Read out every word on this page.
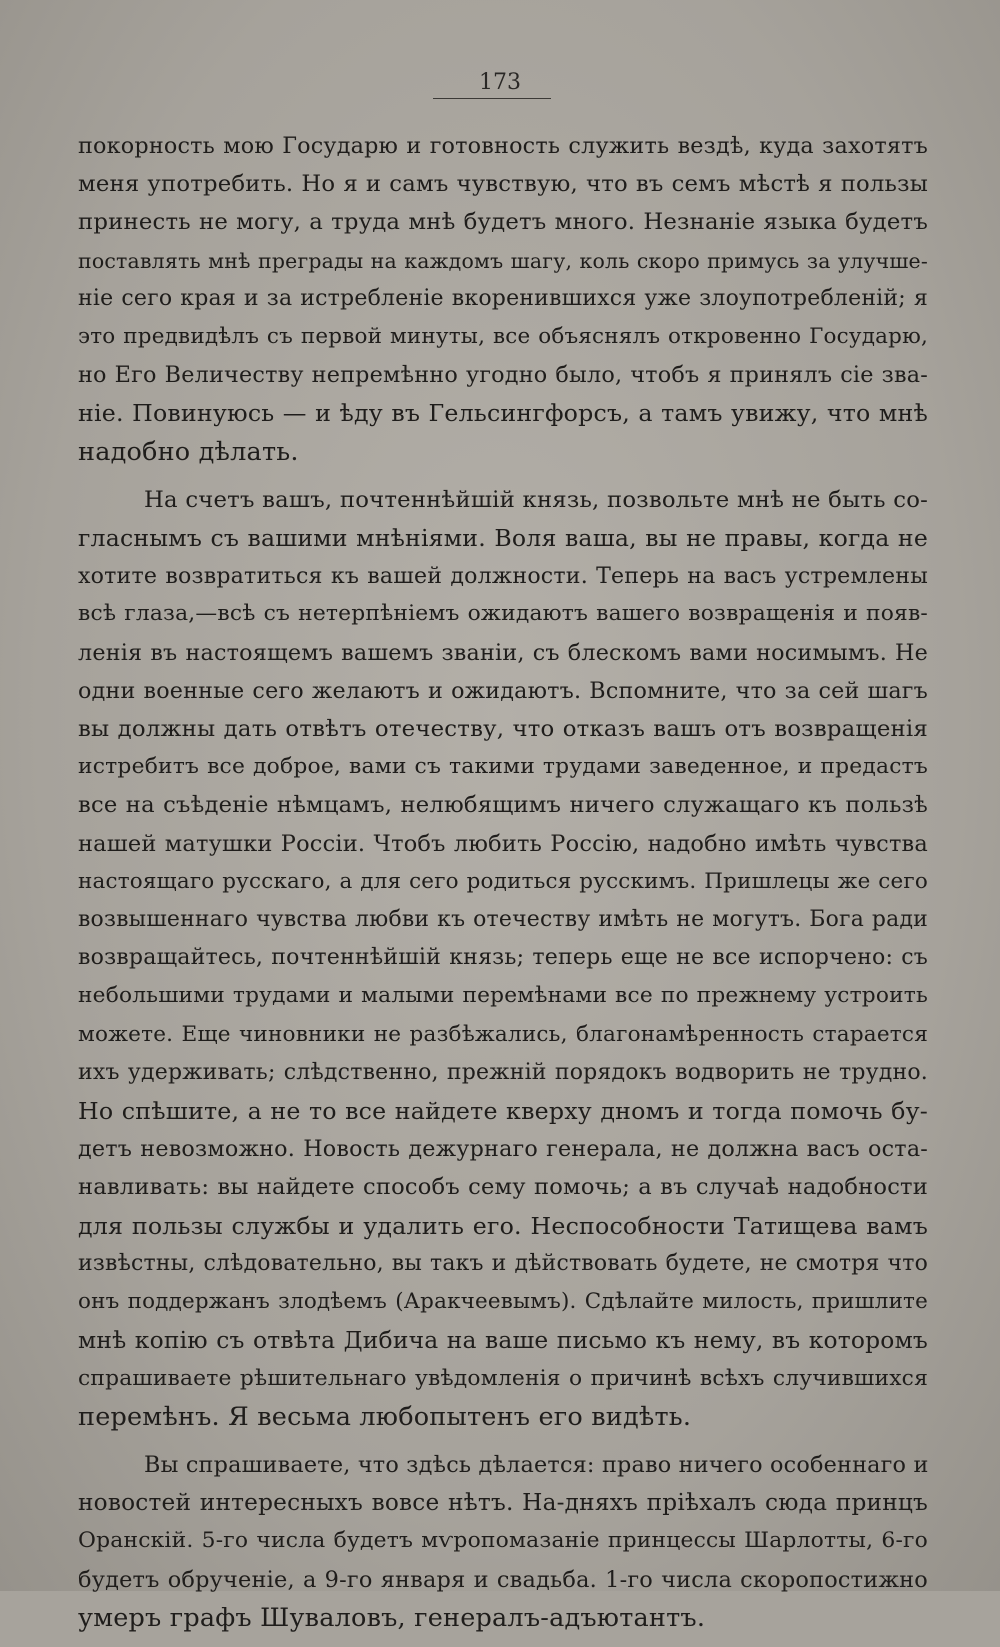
173
покорность мою Государю и готовность служить вездѣ, куда захотятъ
меня употребить. Но я и самъ чувствую, что въ семъ мѣстѣ я пользы
принесть не могу, а труда мнѣ будетъ много. Незнаніе языка будетъ
поставлять мнѣ преграды на каждомъ шагу, коль скоро примусь за улучше-
ніе сего края и за истребленіе вкоренившихся уже злоупотребленій; я
это предвидѣлъ съ первой минуты, все объяснялъ откровенно Государю,
но Его Величеству непремѣнно угодно было, чтобъ я принялъ сіе зва-
ніе. Повинуюсь — и ѣду въ Гельсингфорсъ, а тамъ увижу, что мнѣ
надобно дѣлать.
На счетъ вашъ, почтеннѣйшій князь, позвольте мнѣ не быть со-
гласнымъ съ вашими мнѣніями. Воля ваша, вы не правы, когда не
хотите возвратиться къ вашей должности. Теперь на васъ устремлены
всѣ глаза,—всѣ съ нетерпѣніемъ ожидаютъ вашего возвращенія и появ-
ленія въ настоящемъ вашемъ званіи, съ блескомъ вами носимымъ. Не
одни военные сего желаютъ и ожидаютъ. Вспомните, что за сей шагъ
вы должны дать отвѣтъ отечеству, что отказъ вашъ отъ возвращенія
истребитъ все доброе, вами съ такими трудами заведенное, и предастъ
все на съѣденіе нѣмцамъ, нелюбящимъ ничего служащаго къ пользѣ
нашей матушки Россіи. Чтобъ любить Россію, надобно имѣть чувства
настоящаго русскаго, а для сего родиться русскимъ. Пришлецы же сего
возвышеннаго чувства любви къ отечеству имѣть не могутъ. Бога ради
возвращайтесь, почтеннѣйшій князь; теперь еще не все испорчено: съ
небольшими трудами и малыми перемѣнами все по прежнему устроить
можете. Еще чиновники не разбѣжались, благонамѣренность старается
ихъ удерживать; слѣдственно, прежній порядокъ водворить не трудно.
Но спѣшите, а не то все найдете кверху дномъ и тогда помочь бу-
детъ невозможно. Новость дежурнаго генерала, не должна васъ оста-
навливать: вы найдете способъ сему помочь; а въ случаѣ надобности
для пользы службы и удалить его. Неспособности Татищева вамъ
извѣстны, слѣдовательно, вы такъ и дѣйствовать будете, не смотря что
онъ поддержанъ злодѣемъ (Аракчеевымъ). Сдѣлайте милость, пришлите
мнѣ копію съ отвѣта Дибича на ваше письмо къ нему, въ которомъ
спрашиваете рѣшительнаго увѣдомленія о причинѣ всѣхъ случившихся
перемѣнъ. Я весьма любопытенъ его видѣть.
Вы спрашиваете, что здѣсь дѣлается: право ничего особеннаго и
новостей интересныхъ вовсе нѣтъ. На-дняхъ пріѣхалъ сюда принцъ
Оранскій. 5-го числа будетъ мѵропомазаніе принцессы Шарлотты, 6-го
будетъ обрученіе, а 9-го января и свадьба. 1-го числа скоропостижно
умеръ графъ Шуваловъ, генералъ-адъютантъ.
